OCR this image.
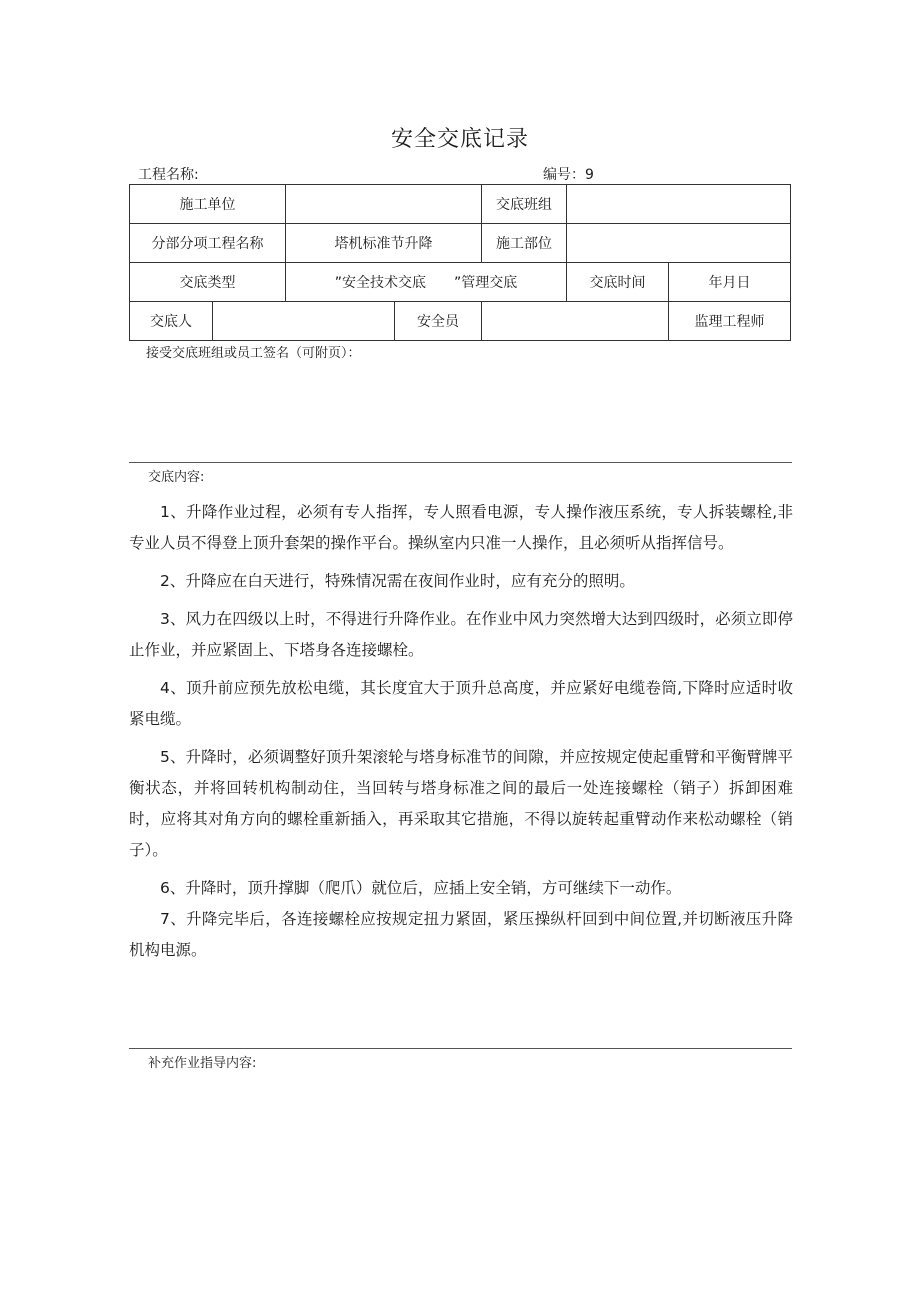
安全交底记录
工程名称:	编号：9
施工单位				交底班组			
分部分项工程名称		塔机标准节升降		施工部位			
交底类型		”安全技术交底　　”管理交底			交底时间	年月日	
交底人			安全员			监理工程师	
接受交底班组或员工签名（可附页）：
交底内容:

1、升降作业过程，必须有专人指挥，专人照看电源，专人操作液压系统，专人拆装螺栓,非专业人员不得登上顶升套架的操作平台。操纵室内只准一人操作，且必须听从指挥信号。

2、升降应在白天进行，特殊情况需在夜间作业时，应有充分的照明。

3、风力在四级以上时，不得进行升降作业。在作业中风力突然增大达到四级时，必须立即停止作业，并应紧固上、下塔身各连接螺栓。

4、顶升前应预先放松电缆，其长度宜大于顶升总高度，并应紧好电缆卷筒,下降时应适时收紧电缆。

5、升降时，必须调整好顶升架滚轮与塔身标准节的间隙，并应按规定使起重臂和平衡臂牌平衡状态，并将回转机构制动住，当回转与塔身标准之间的最后一处连接螺栓（销子）拆卸困难时，应将其对角方向的螺栓重新插入，再采取其它措施，不得以旋转起重臂动作来松动螺栓（销子）。

6、升降时，顶升撑脚（爬爪）就位后，应插上安全销，方可继续下一动作。

7、升降完毕后，各连接螺栓应按规定扭力紧固，紧压操纵杆回到中间位置,并切断液压升降机构电源。

补充作业指导内容:
